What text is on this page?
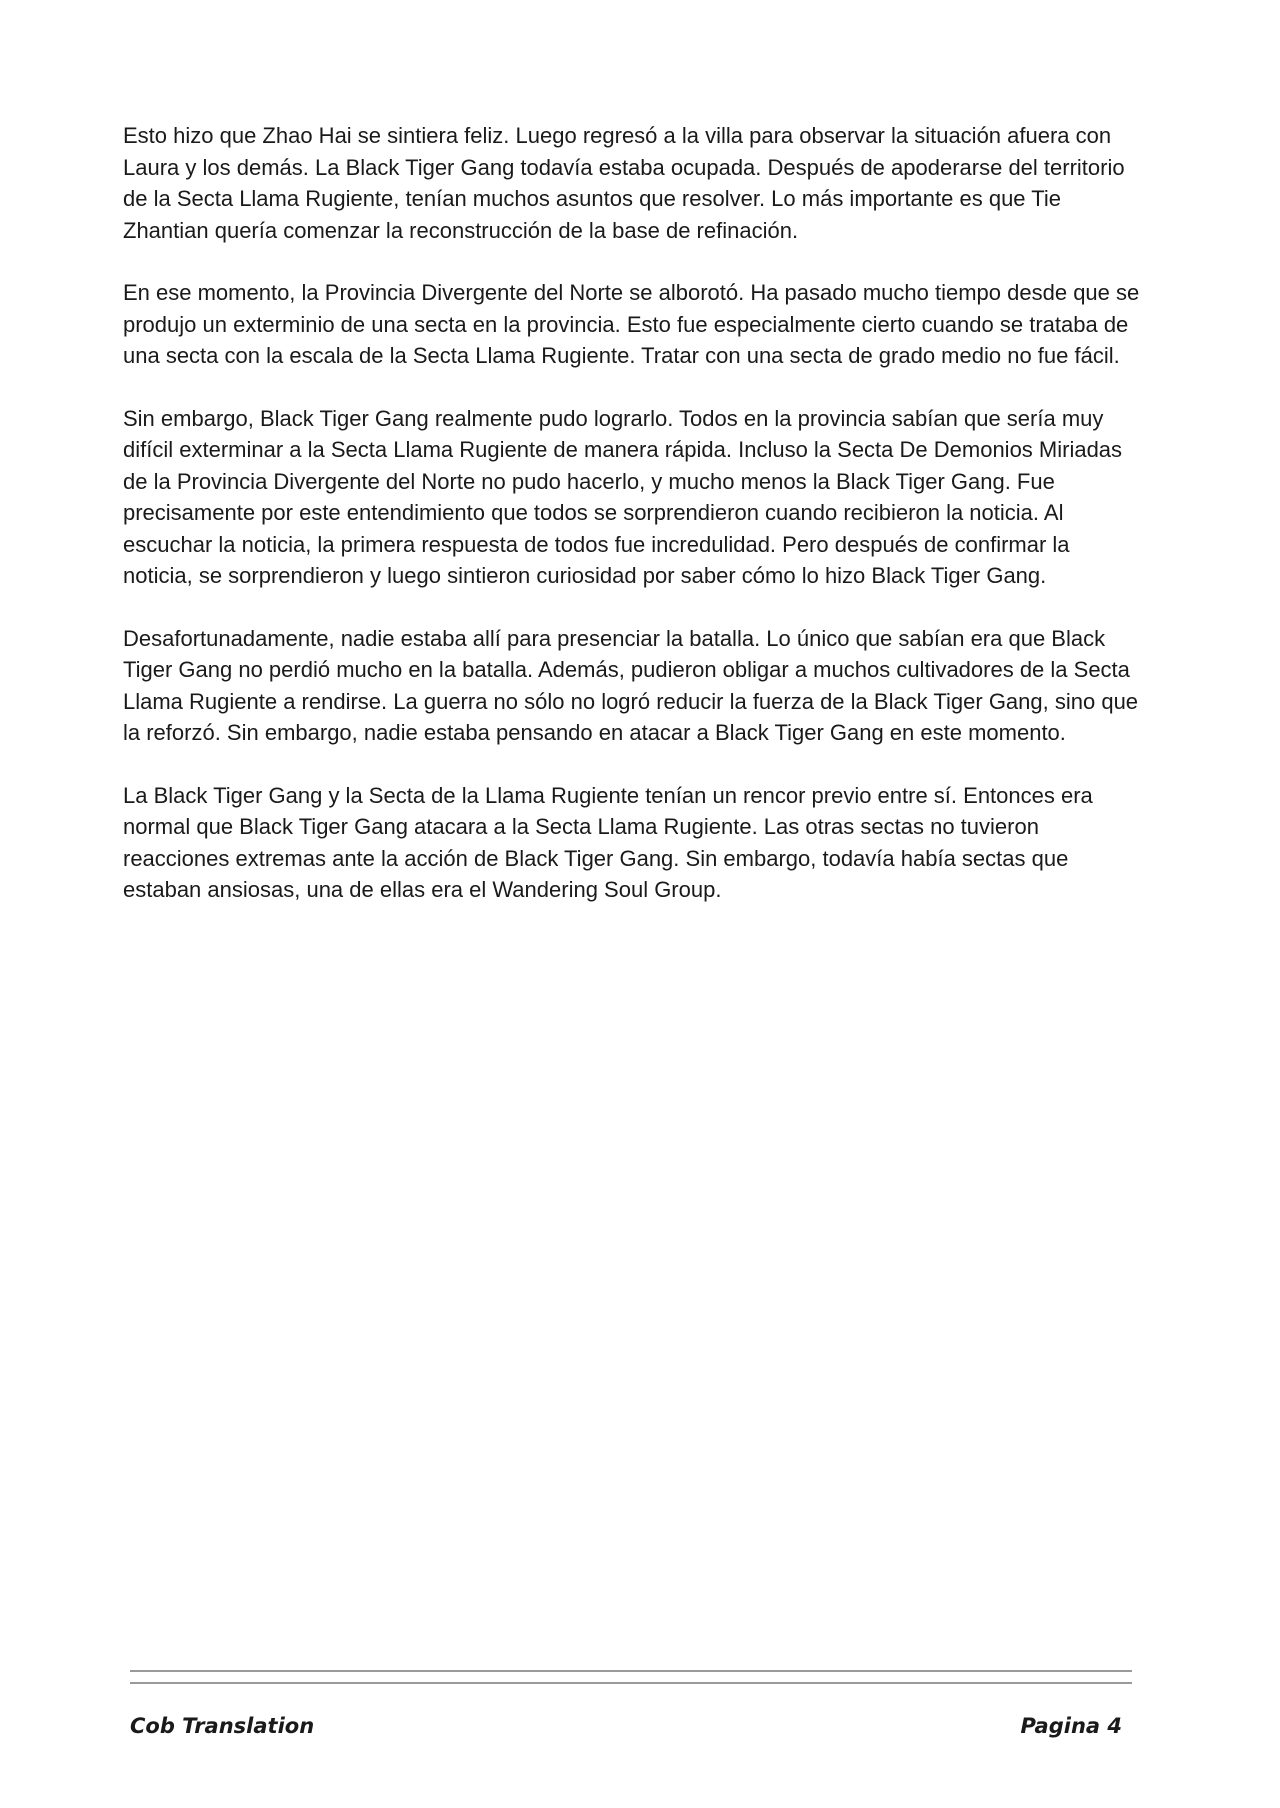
Esto hizo que Zhao Hai se sintiera feliz. Luego regresó a la villa para observar la situación afuera con Laura y los demás. La Black Tiger Gang todavía estaba ocupada. Después de apoderarse del territorio de la Secta Llama Rugiente, tenían muchos asuntos que resolver. Lo más importante es que Tie Zhantian quería comenzar la reconstrucción de la base de refinación.

En ese momento, la Provincia Divergente del Norte se alborotó. Ha pasado mucho tiempo desde que se produjo un exterminio de una secta en la provincia. Esto fue especialmente cierto cuando se trataba de una secta con la escala de la Secta Llama Rugiente. Tratar con una secta de grado medio no fue fácil.

Sin embargo, Black Tiger Gang realmente pudo lograrlo. Todos en la provincia sabían que sería muy difícil exterminar a la Secta Llama Rugiente de manera rápida. Incluso la Secta De Demonios Miriadas de la Provincia Divergente del Norte no pudo hacerlo, y mucho menos la Black Tiger Gang. Fue precisamente por este entendimiento que todos se sorprendieron cuando recibieron la noticia. Al escuchar la noticia, la primera respuesta de todos fue incredulidad. Pero después de confirmar la noticia, se sorprendieron y luego sintieron curiosidad por saber cómo lo hizo Black Tiger Gang.

Desafortunadamente, nadie estaba allí para presenciar la batalla. Lo único que sabían era que Black Tiger Gang no perdió mucho en la batalla. Además, pudieron obligar a muchos cultivadores de la Secta Llama Rugiente a rendirse. La guerra no sólo no logró reducir la fuerza de la Black Tiger Gang, sino que la reforzó. Sin embargo, nadie estaba pensando en atacar a Black Tiger Gang en este momento.

La Black Tiger Gang y la Secta de la Llama Rugiente tenían un rencor previo entre sí. Entonces era normal que Black Tiger Gang atacara a la Secta Llama Rugiente. Las otras sectas no tuvieron reacciones extremas ante la acción de Black Tiger Gang. Sin embargo, todavía había sectas que estaban ansiosas, una de ellas era el Wandering Soul Group.

Cob Translation	Pagina 4
